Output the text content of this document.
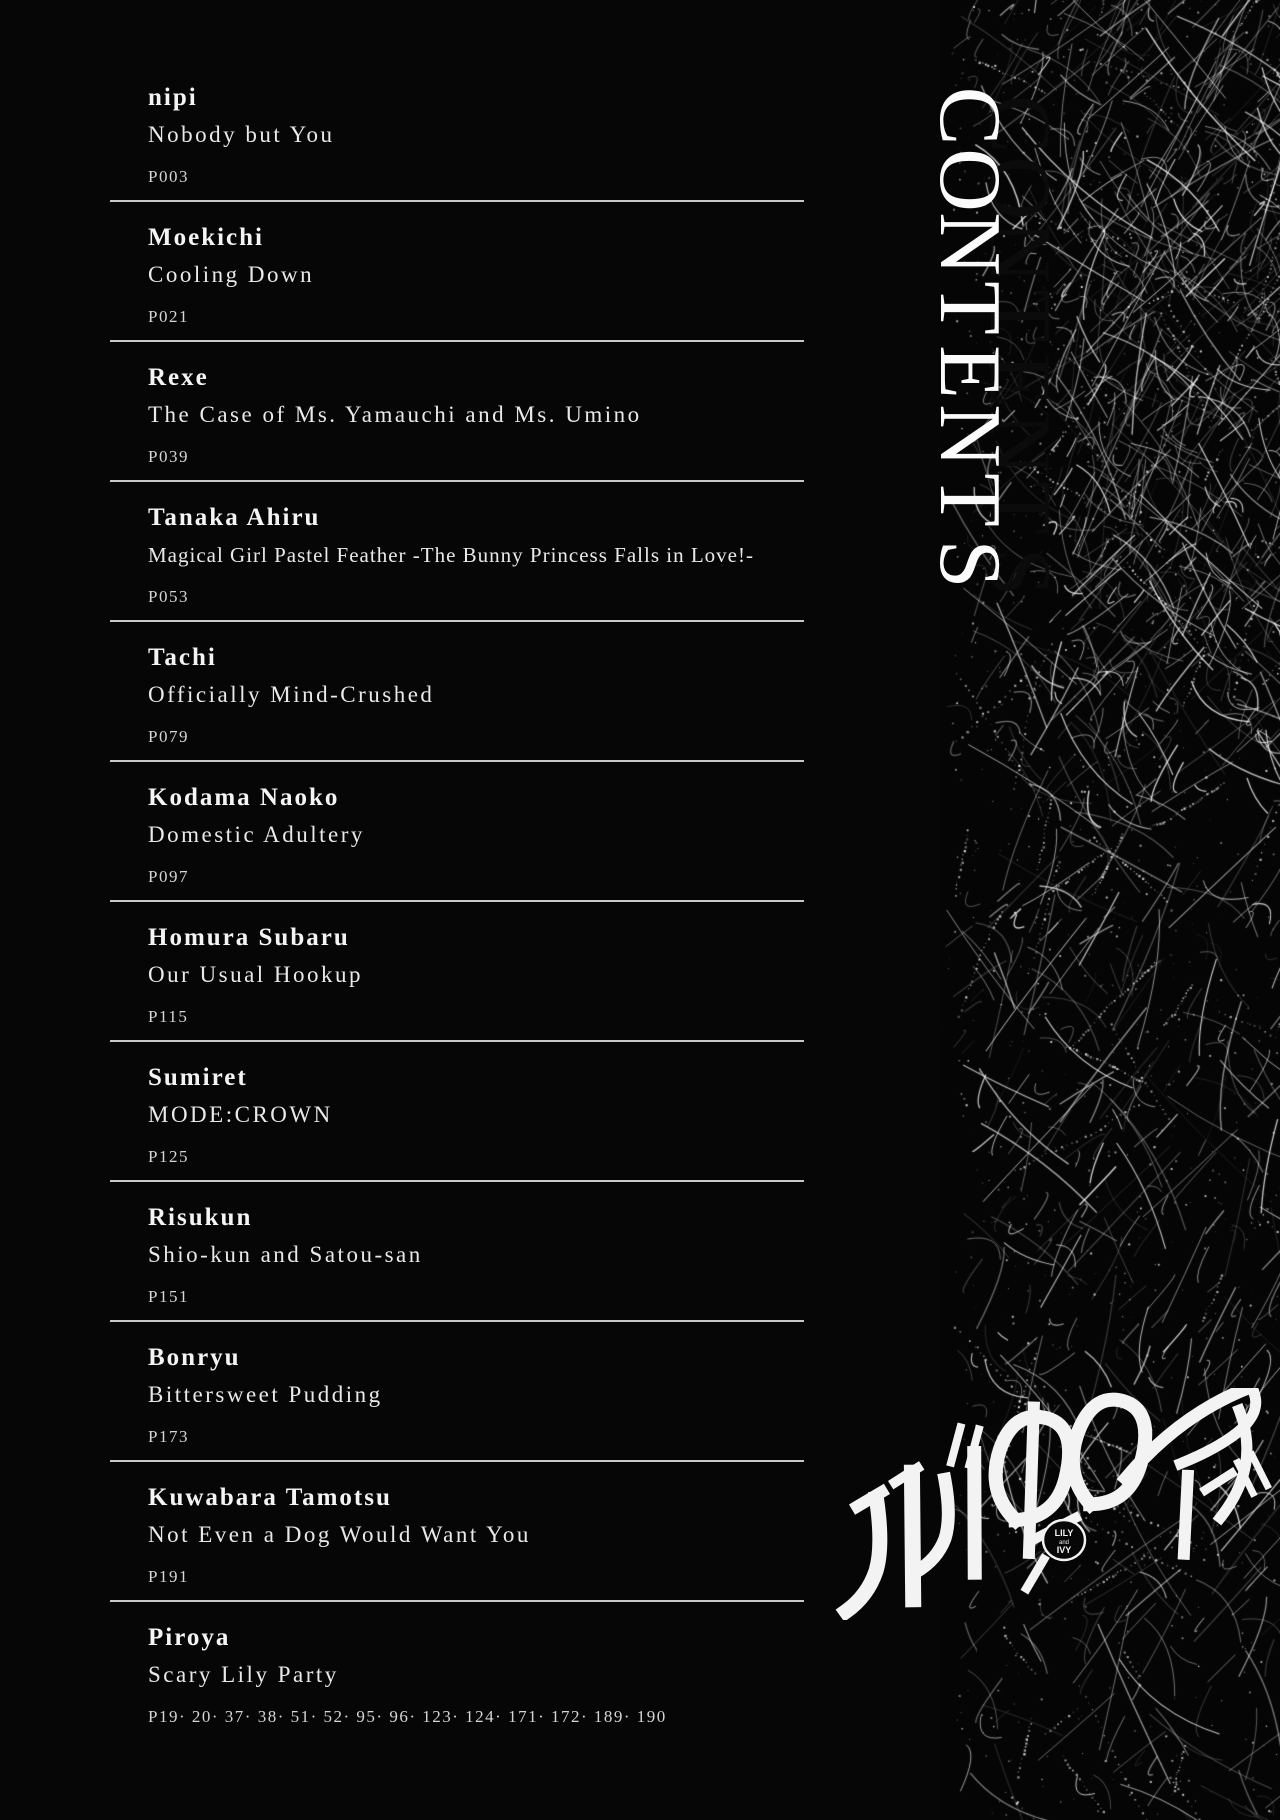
nipi
Nobody but You
P003
Moekichi
Cooling Down
P021
Rexe
The Case of Ms. Yamauchi and Ms. Umino
P039
Tanaka Ahiru
Magical Girl Pastel Feather -The Bunny Princess Falls in Love!-
P053
Tachi
Officially Mind-Crushed
P079
Kodama Naoko
Domestic Adultery
P097
Homura Subaru
Our Usual Hookup
P115
Sumiret
MODE:CROWN
P125
Risukun
Shio-kun and Satou-san
P151
Bonryu
Bittersweet Pudding
P173
Kuwabara Tamotsu
Not Even a Dog Would Want You
P191
Piroya
Scary Lily Party
P19· 20· 37· 38· 51· 52· 95· 96· 123· 124· 171· 172· 189· 190
C
O
N
T
E
N
T
S
LILY
and
IVY
